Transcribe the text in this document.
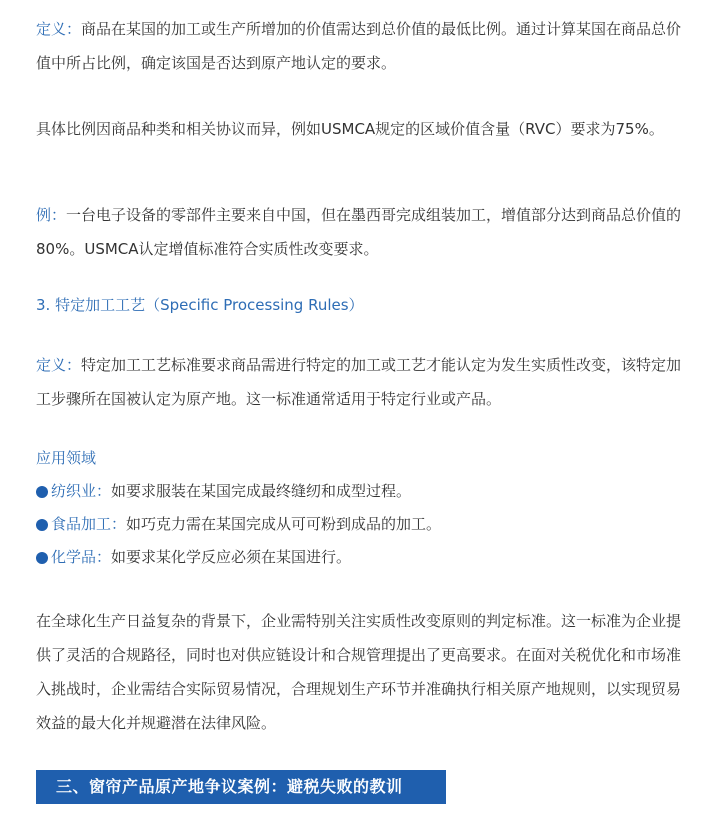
定义：商品在某国的加工或生产所增加的价值需达到总价值的最低比例。通过计算某国在商品总价值中所占比例，确定该国是否达到原产地认定的要求。

具体比例因商品种类和相关协议而异，例如USMCA规定的区域价值含量（RVC）要求为75%。

例：一台电子设备的零部件主要来自中国，但在墨西哥完成组装加工，增值部分达到商品总价值的80%。USMCA认定增值标准符合实质性改变要求。

3. 特定加工工艺（Specific Processing Rules）

定义：特定加工工艺标准要求商品需进行特定的加工或工艺才能认定为发生实质性改变，该特定加工步骤所在国被认定为原产地。这一标准通常适用于特定行业或产品。

应用领域

纺织业： 如要求服装在某国完成最终缝纫和成型过程。

食品加工： 如巧克力需在某国完成从可可粉到成品的加工。

化学品： 如要求某化学反应必须在某国进行。

在全球化生产日益复杂的背景下，企业需特别关注实质性改变原则的判定标准。这一标准为企业提供了灵活的合规路径，同时也对供应链设计和合规管理提出了更高要求。在面对关税优化和市场准入挑战时，企业需结合实际贸易情况，合理规划生产环节并准确执行相关原产地规则，以实现贸易效益的最大化并规避潜在法律风险。

三、窗帘产品原产地争议案例：避税失败的教训
